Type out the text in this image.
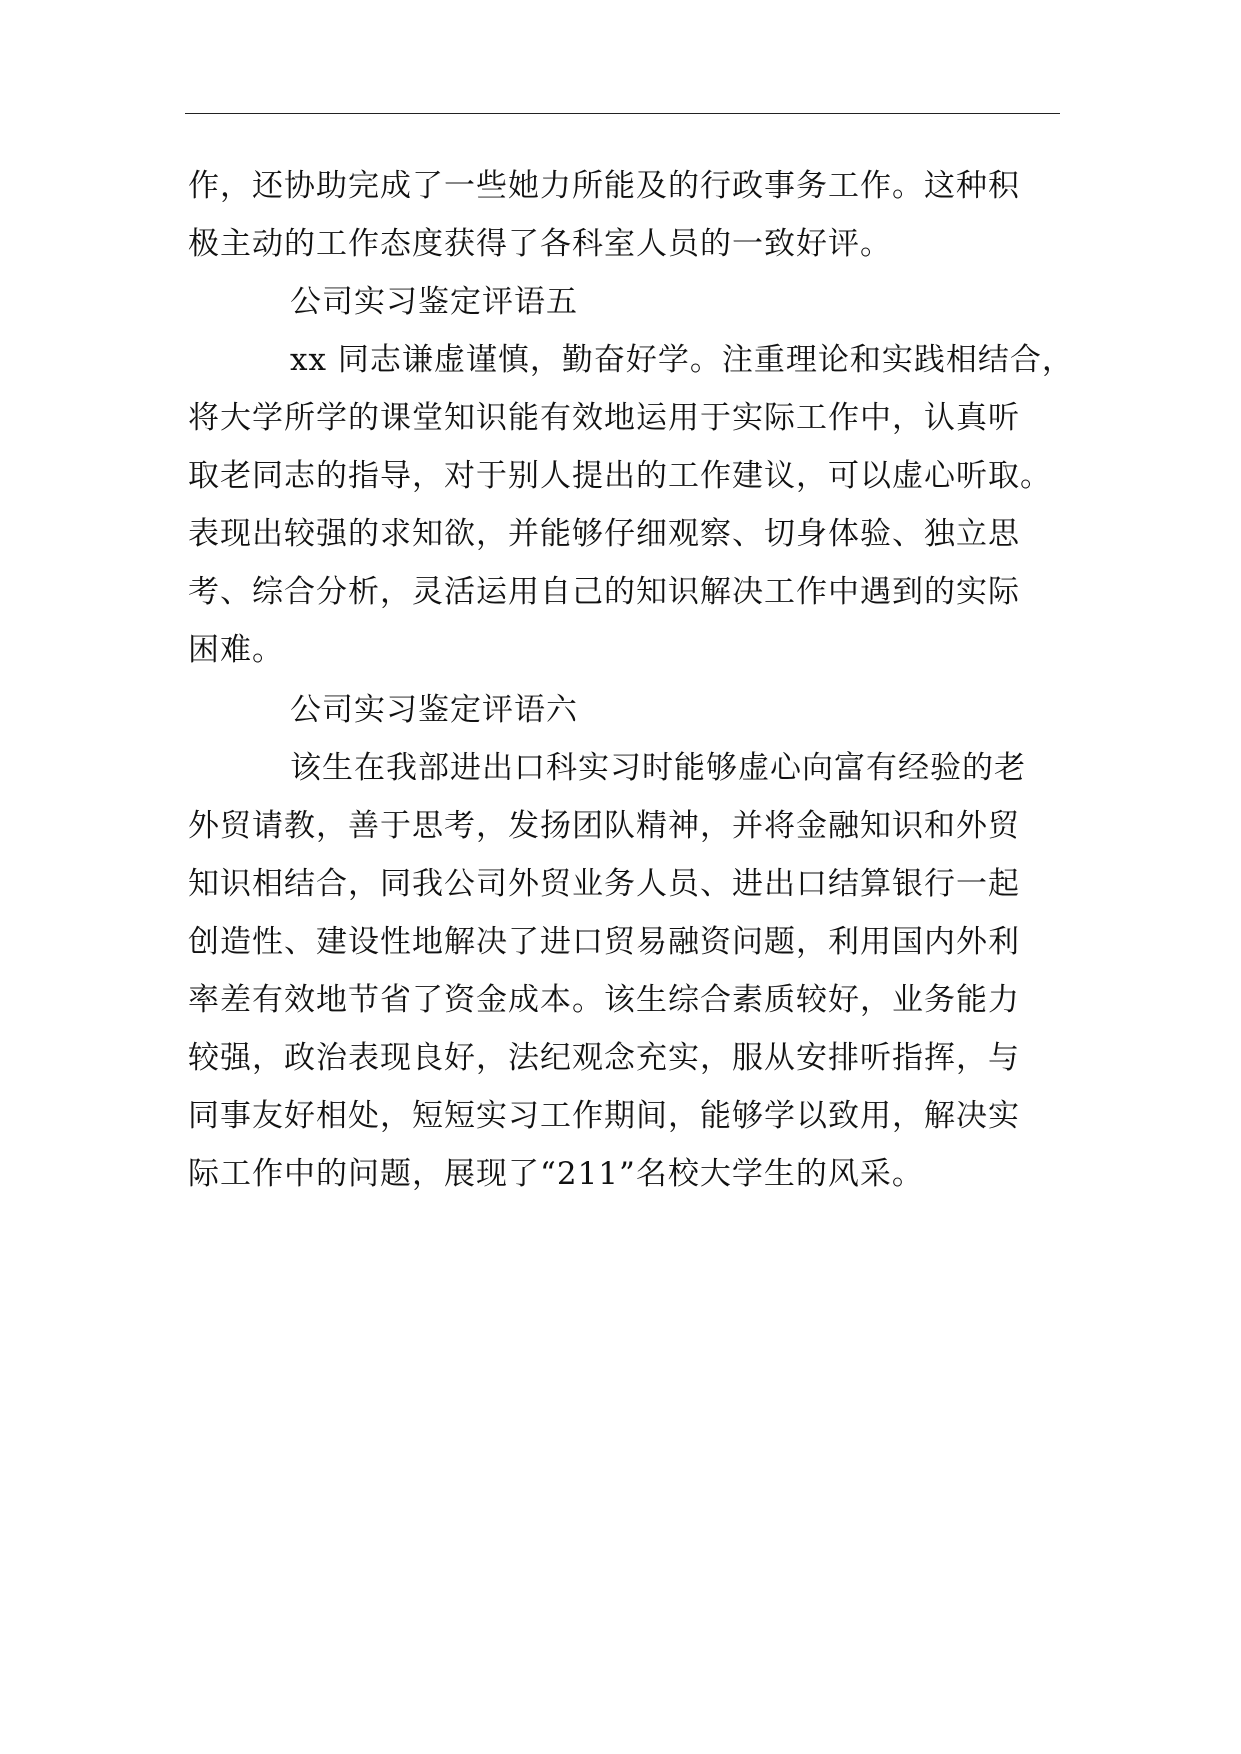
作，还协助完成了一些她力所能及的行政事务工作。这种积
极主动的工作态度获得了各科室人员的一致好评。
公司实习鉴定评语五
xx 同志谦虚谨慎，勤奋好学。注重理论和实践相结合，
将大学所学的课堂知识能有效地运用于实际工作中，认真听
取老同志的指导，对于别人提出的工作建议，可以虚心听取。
表现出较强的求知欲，并能够仔细观察、切身体验、独立思
考、综合分析，灵活运用自己的知识解决工作中遇到的实际
困难。
公司实习鉴定评语六
该生在我部进出口科实习时能够虚心向富有经验的老
外贸请教，善于思考，发扬团队精神，并将金融知识和外贸
知识相结合，同我公司外贸业务人员、进出口结算银行一起
创造性、建设性地解决了进口贸易融资问题，利用国内外利
率差有效地节省了资金成本。该生综合素质较好，业务能力
较强，政治表现良好，法纪观念充实，服从安排听指挥，与
同事友好相处，短短实习工作期间，能够学以致用，解决实
际工作中的问题，展现了“211”名校大学生的风采。
